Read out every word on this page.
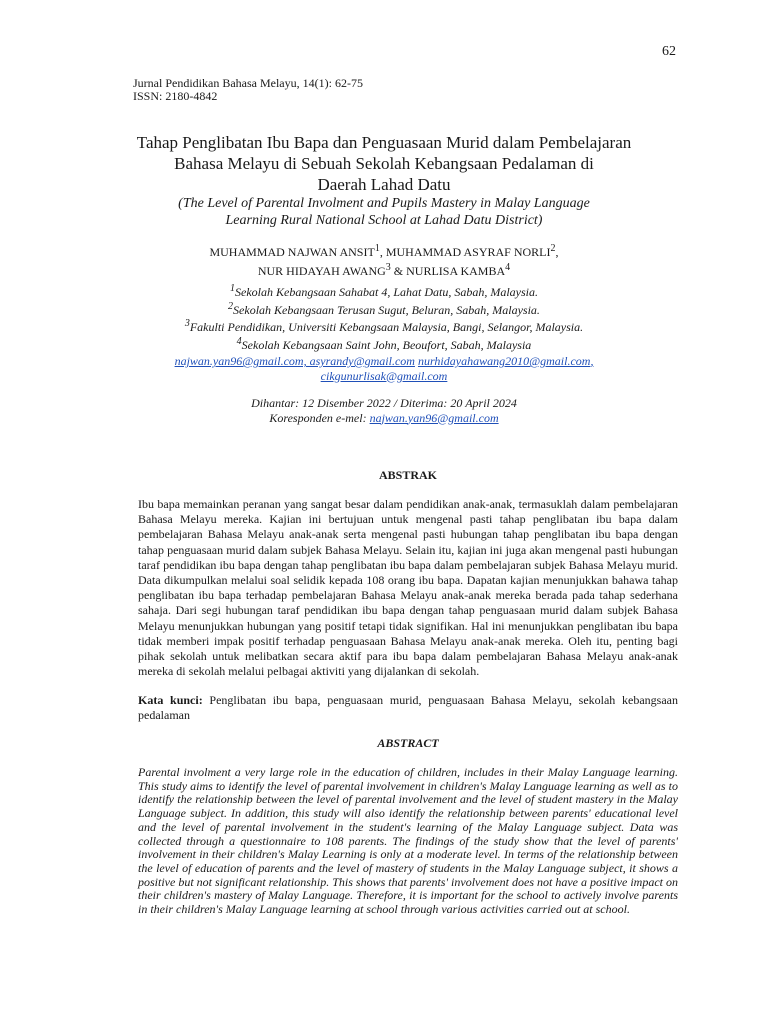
62
Jurnal Pendidikan Bahasa Melayu, 14(1): 62-75
ISSN: 2180-4842
Tahap Penglibatan Ibu Bapa dan Penguasaan Murid dalam Pembelajaran
Bahasa Melayu di Sebuah Sekolah Kebangsaan Pedalaman di
Daerah Lahad Datu
(The Level of Parental Involment and Pupils Mastery in Malay Language
Learning Rural National School at Lahad Datu District)
MUHAMMAD NAJWAN ANSIT$^1$, MUHAMMAD ASYRAF NORLI$^2$,
NUR HIDAYAH AWANG$^3$ & NURLISA KAMBA$^4$
$^1$Sekolah Kebangsaan Sahabat 4, Lahat Datu, Sabah, Malaysia.
$^2$Sekolah Kebangsaan Terusan Sugut, Beluran, Sabah, Malaysia.
$^3$Fakulti Pendidikan, Universiti Kebangsaan Malaysia, Bangi, Selangor, Malaysia.
$^4$Sekolah Kebangsaan Saint John, Beoufort, Sabah, Malaysia
najwan.yan96@gmail.com, asyrandy@gmail.com nurhidayahawang2010@gmail.com,
cikgunurlisak@gmail.com
Dihantar: 12 Disember 2022 / Diterima: 20 April 2024
Koresponden e-mel: najwan.yan96@gmail.com
ABSTRAK
Ibu bapa memainkan peranan yang sangat besar dalam pendidikan anak-anak, termasuklah dalam pembelajaran Bahasa Melayu mereka. Kajian ini bertujuan untuk mengenal pasti tahap penglibatan ibu bapa dalam pembelajaran Bahasa Melayu anak-anak serta mengenal pasti hubungan tahap penglibatan ibu bapa dengan tahap penguasaan murid dalam subjek Bahasa Melayu. Selain itu, kajian ini juga akan mengenal pasti hubungan taraf pendidikan ibu bapa dengan tahap penglibatan ibu bapa dalam pembelajaran subjek Bahasa Melayu murid. Data dikumpulkan melalui soal selidik kepada 108 orang ibu bapa. Dapatan kajian menunjukkan bahawa tahap penglibatan ibu bapa terhadap pembelajaran Bahasa Melayu anak-anak mereka berada pada tahap sederhana sahaja. Dari segi hubungan taraf pendidikan ibu bapa dengan tahap penguasaan murid dalam subjek Bahasa Melayu menunjukkan hubungan yang positif tetapi tidak signifikan. Hal ini menunjukkan penglibatan ibu bapa tidak memberi impak positif terhadap penguasaan Bahasa Melayu anak-anak mereka. Oleh itu, penting bagi pihak sekolah untuk melibatkan secara aktif para ibu bapa dalam pembelajaran Bahasa Melayu anak-anak mereka di sekolah melalui pelbagai aktiviti yang dijalankan di sekolah.
Kata kunci: Penglibatan ibu bapa, penguasaan murid, penguasaan Bahasa Melayu, sekolah kebangsaan pedalaman
ABSTRACT
Parental involment a very large role in the education of children, includes in their Malay Language learning. This study aims to identify the level of parental involvement in children's Malay Language learning as well as to identify the relationship between the level of parental involvement and the level of student mastery in the Malay Language subject. In addition, this study will also identify the relationship between parents' educational level and the level of parental involvement in the student's learning of the Malay Language subject. Data was collected through a questionnaire to 108 parents. The findings of the study show that the level of parents' involvement in their children's Malay Learning is only at a moderate level. In terms of the relationship between the level of education of parents and the level of mastery of students in the Malay Language subject, it shows a positive but not significant relationship. This shows that parents' involvement does not have a positive impact on their children's mastery of Malay Language. Therefore, it is important for the school to actively involve parents in their children's Malay Language learning at school through various activities carried out at school.
